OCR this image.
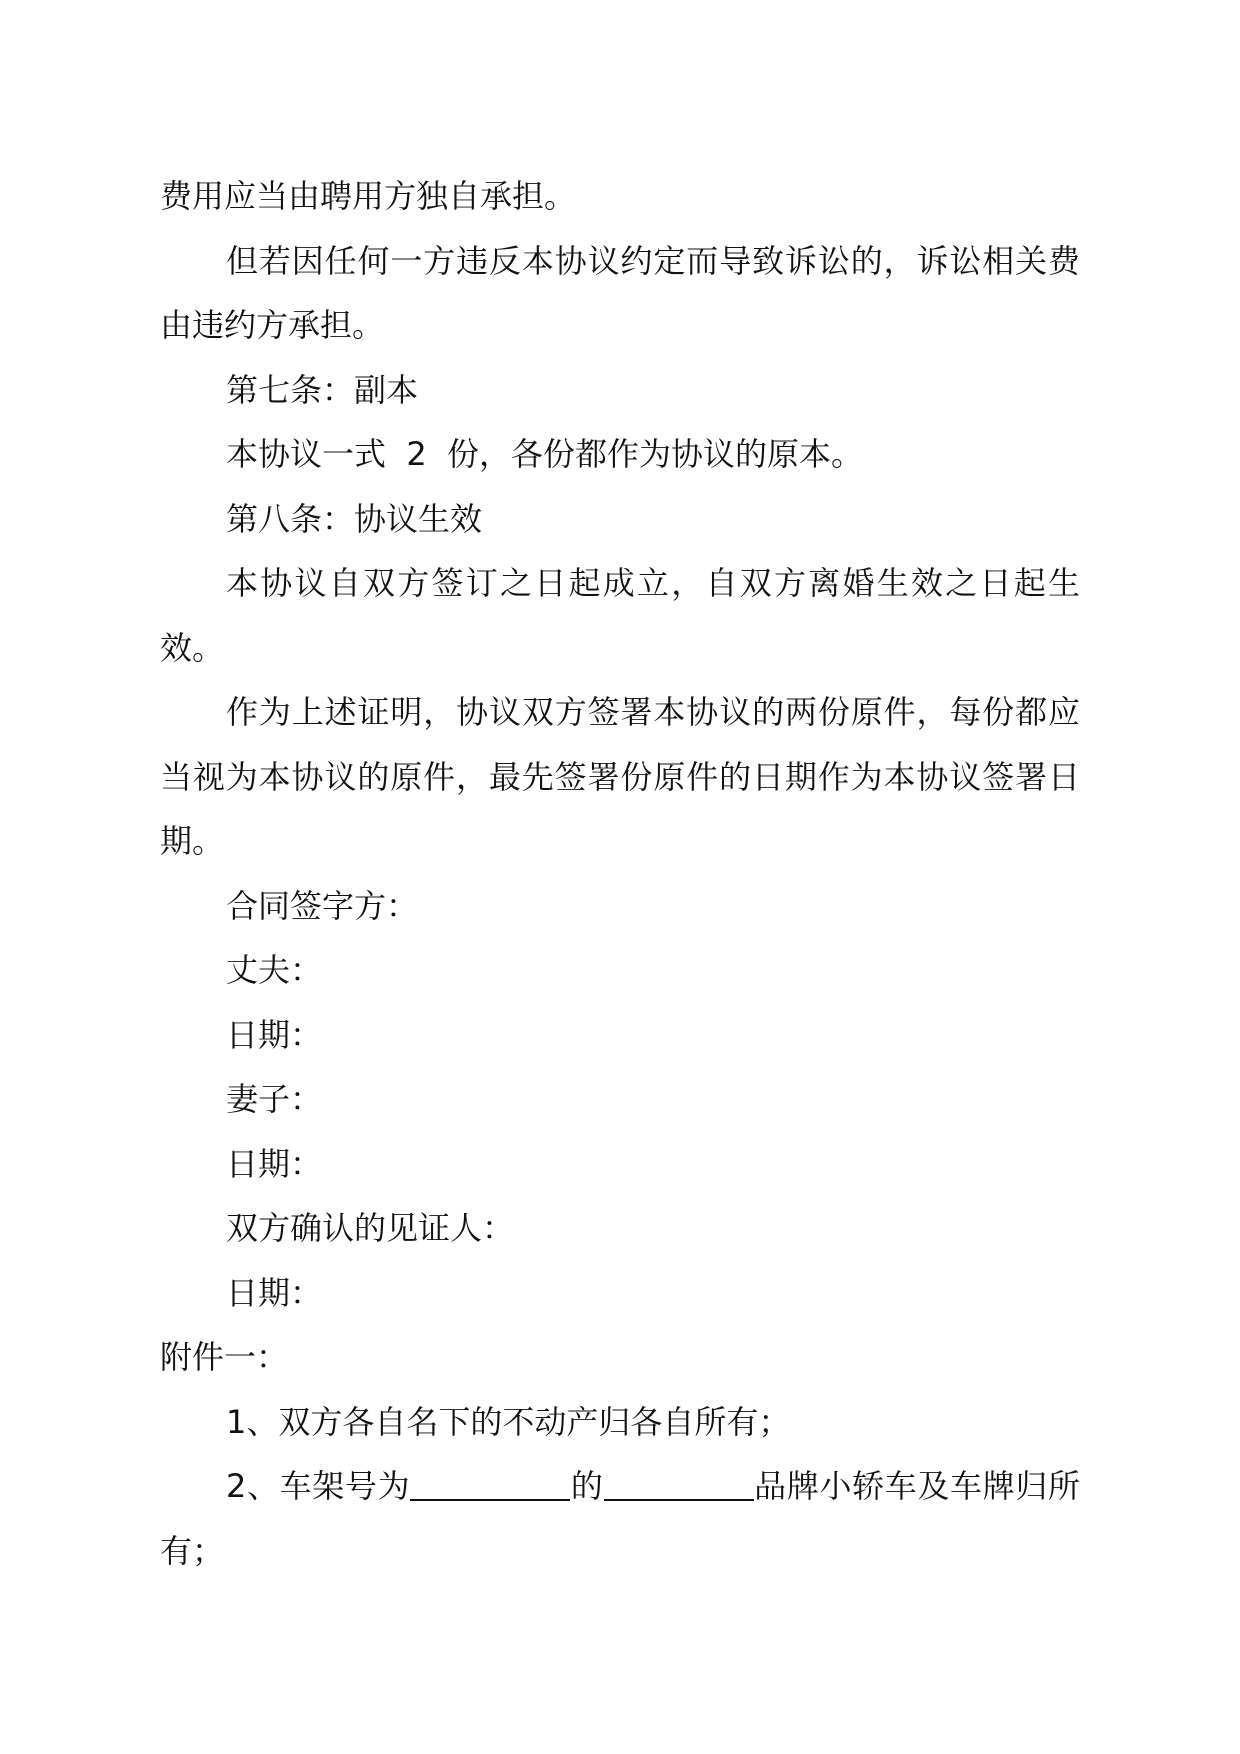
费用应当由聘用方独自承担。

但若因任何一方违反本协议约定而导致诉讼的，诉讼相关费由违约方承担。

第七条：副本

本协议一式  2  份，各份都作为协议的原本。

第八条：协议生效

本协议自双方签订之日起成立，自双方离婚生效之日起生效。

作为上述证明，协议双方签署本协议的两份原件，每份都应当视为本协议的原件，最先签署份原件的日期作为本协议签署日期。

合同签字方：

丈夫：

日期：

妻子：

日期：

双方确认的见证人：

日期：

附件一：

1、双方各自名下的不动产归各自所有；

2、车架号为	的	品牌小轿车及车牌归所有；
